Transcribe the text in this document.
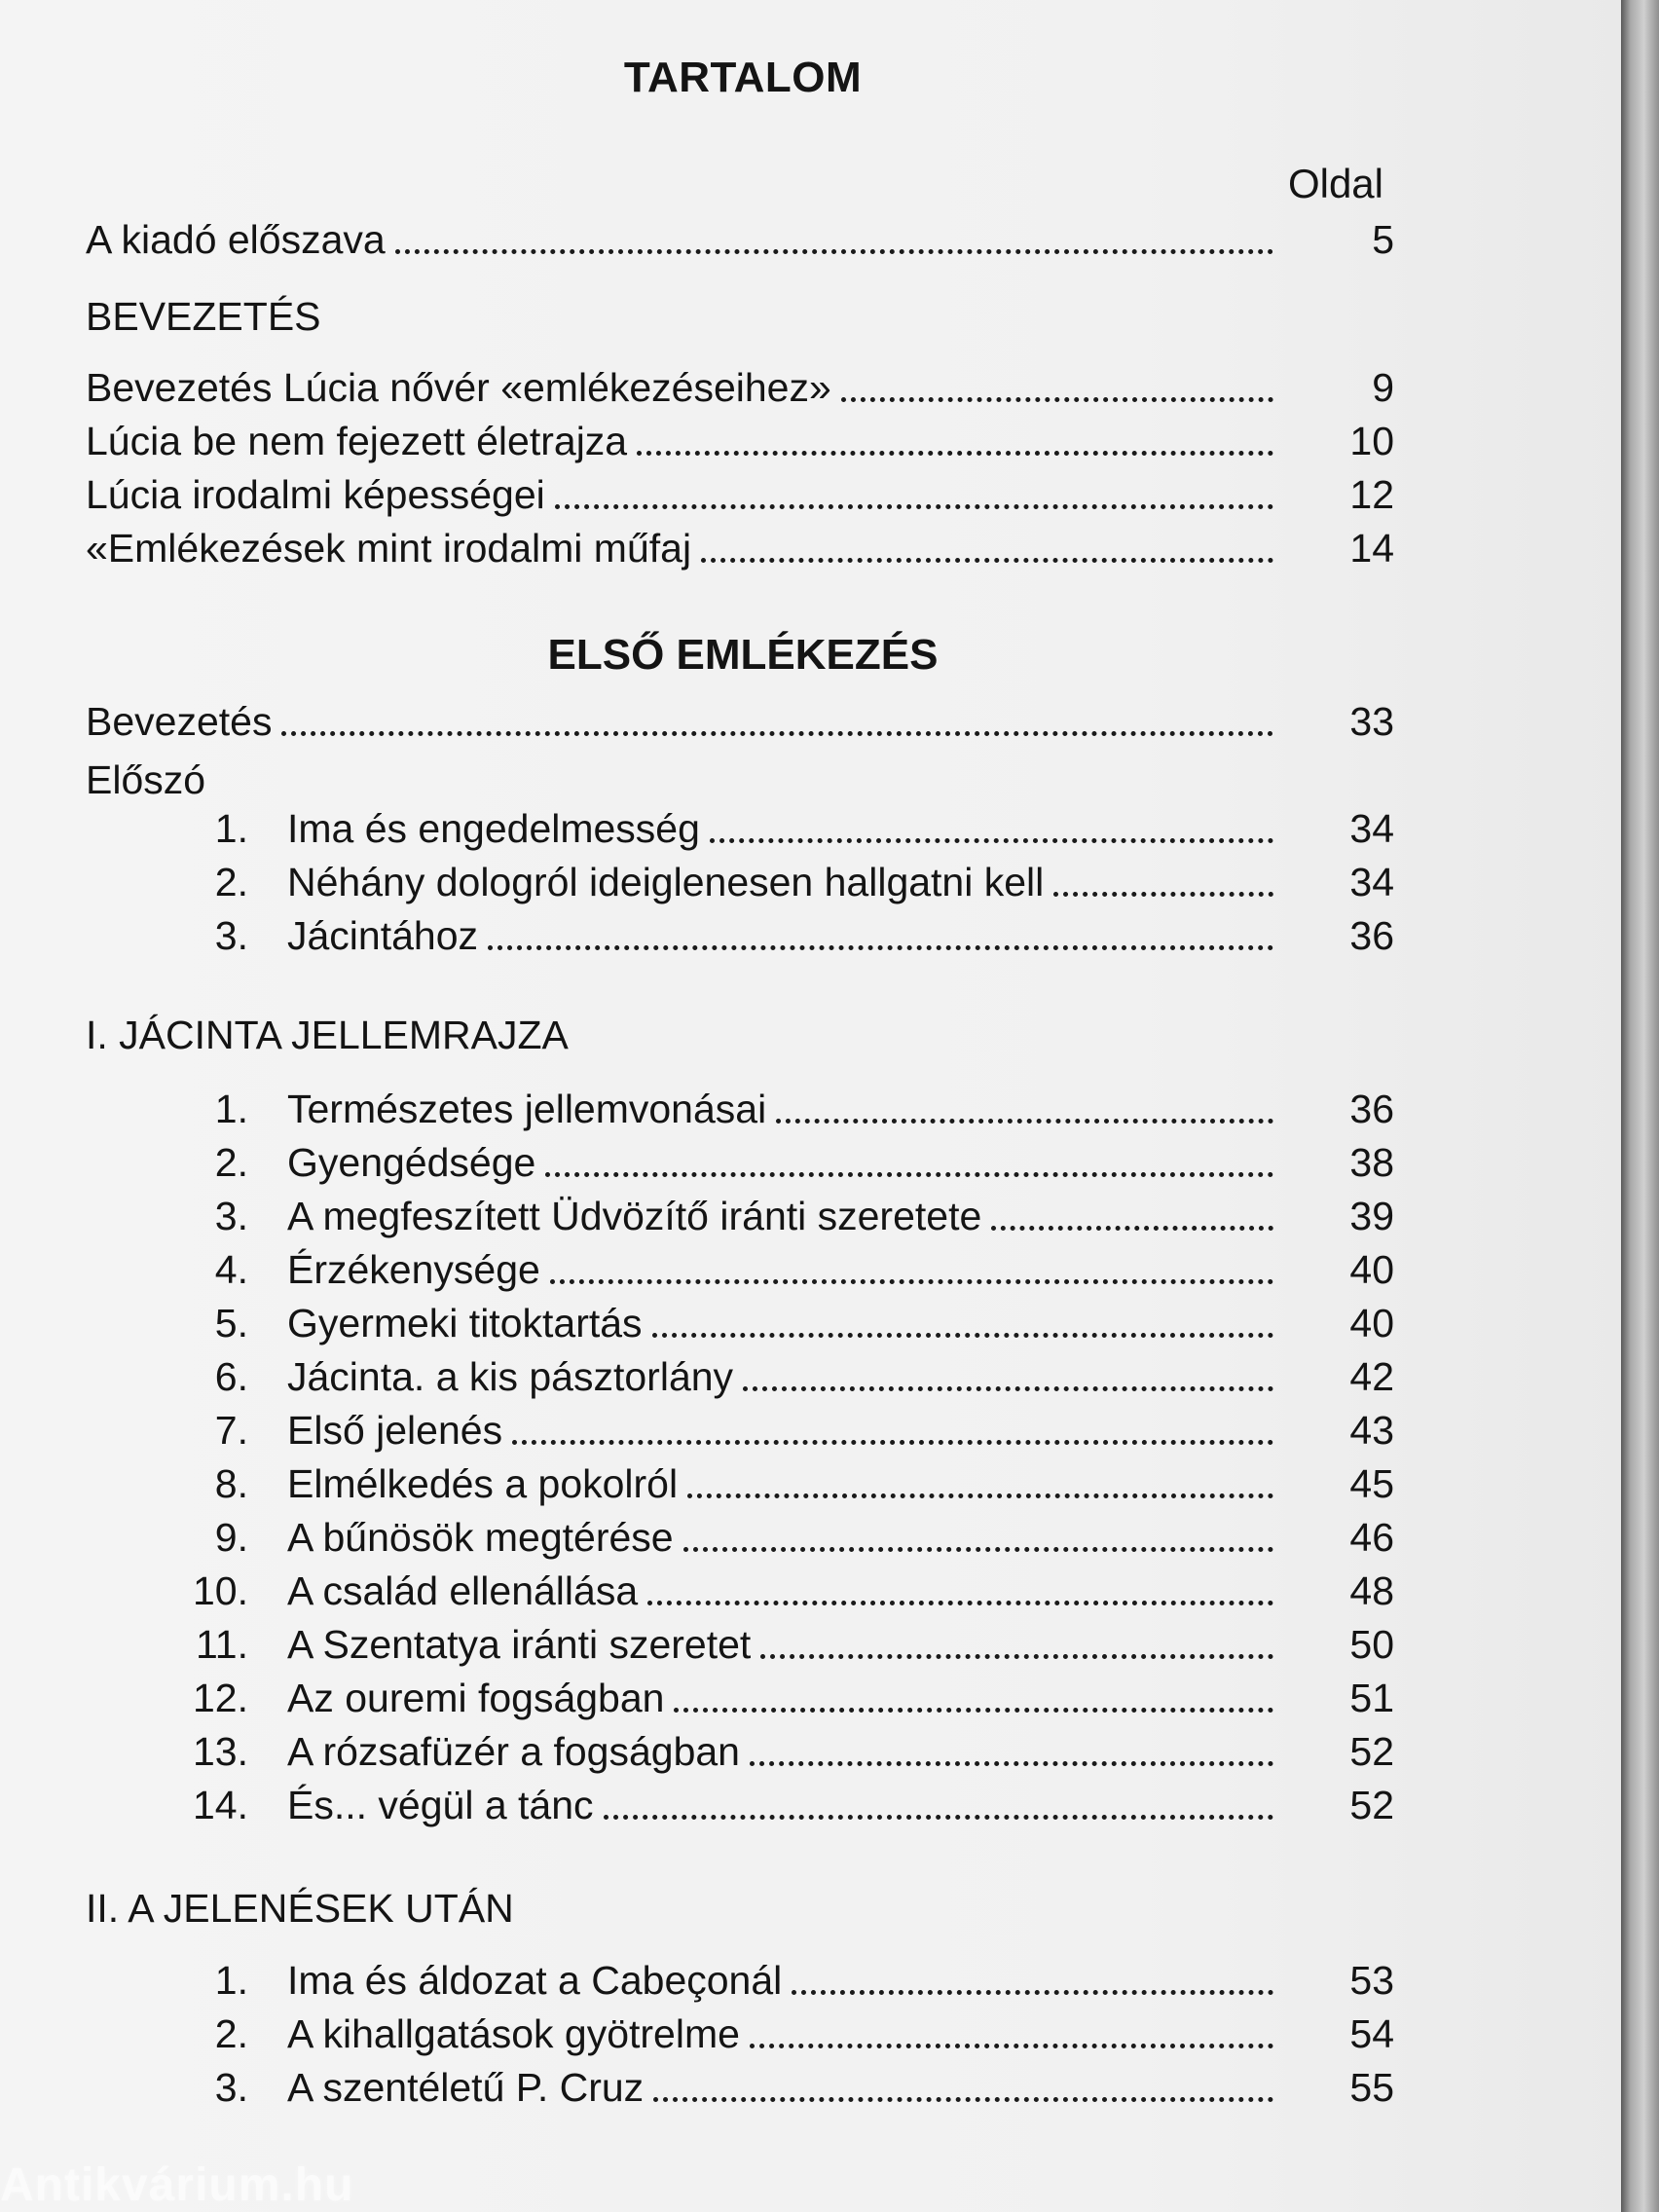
TARTALOM
Oldal
A kiadó előszava	5
BEVEZETÉS
Bevezetés Lúcia nővér «emlékezéseihez»	9
Lúcia be nem fejezett életrajza	10
Lúcia irodalmi képességei	12
«Emlékezések mint irodalmi műfaj	14
ELSŐ EMLÉKEZÉS
Bevezetés	33
Előszó
1. Ima és engedelmesség	34
2. Néhány dologról ideiglenesen hallgatni kell	34
3. Jácintához	36
I. JÁCINTA JELLEMRAJZA
1. Természetes jellemvonásai	36
2. Gyengédsége	38
3. A megfeszített Üdvözítő iránti szeretete	39
4. Érzékenysége	40
5. Gyermeki titoktartás	40
6. Jácinta. a kis pásztorlány	42
7. Első jelenés	43
8. Elmélkedés a pokolról	45
9. A bűnösök megtérése	46
10. A család ellenállása	48
11. A Szentatya iránti szeretet	50
12. Az ouremi fogságban	51
13. A rózsafüzér a fogságban	52
14. És... végül a tánc	52
II. A JELENÉSEK UTÁN
1. Ima és áldozat a Cabeçonál	53
2. A kihallgatások gyötrelme	54
3. A szentéletű P. Cruz	55
Antikvárium.hu
